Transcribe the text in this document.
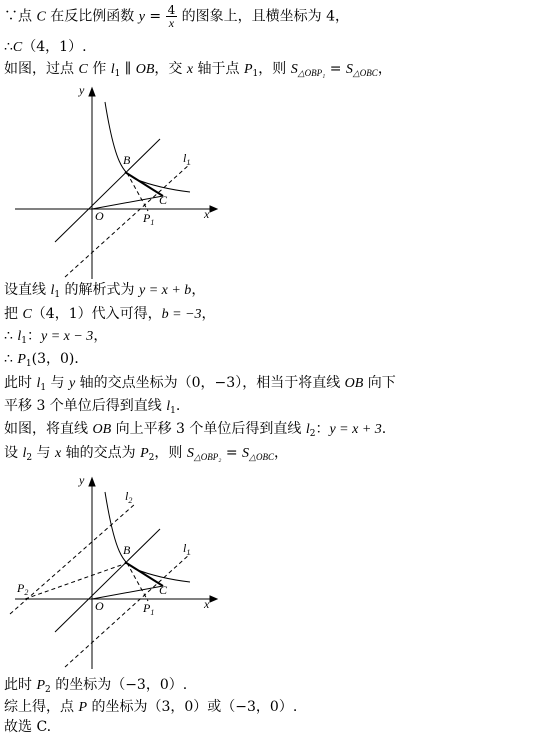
∵点 C 在反比例函数 $y = \frac{4}{x}$ 的图象上，且横坐标为 4，
∴C（4，1）.
如图，过点 C 作 $l_1$ ∥ OB，交 x 轴于点 $P_1$，则 $S_{\triangle OBP_1} = S_{\triangle OBC}$，
y
x
O
B
C
$P_1$
$l_1$
设直线 $l_1$ 的解析式为 y = x + b，
把 C（4，1）代入可得，b = −3，
∴ $l_1$：y = x − 3，
∴ $P_1(3$，0)．
此时 $l_1$ 与 y 轴的交点坐标为（0，−3），相当于将直线 OB 向下
平移 3 个单位后得到直线 $l_1$.
如图，将直线 OB 向上平移 3 个单位后得到直线 $l_2$：y = x + 3.
设 $l_2$ 与 x 轴的交点为 $P_2$，则 $S_{\triangle OBP_2} = S_{\triangle OBC}$，
y
x
O
B
C
$P_1$
$P_2$
$l_1$
$l_2$
此时 $P_2$ 的坐标为（−3，0）.
综上得，点 P 的坐标为（3，0）或（−3，0）.
故选 C.
